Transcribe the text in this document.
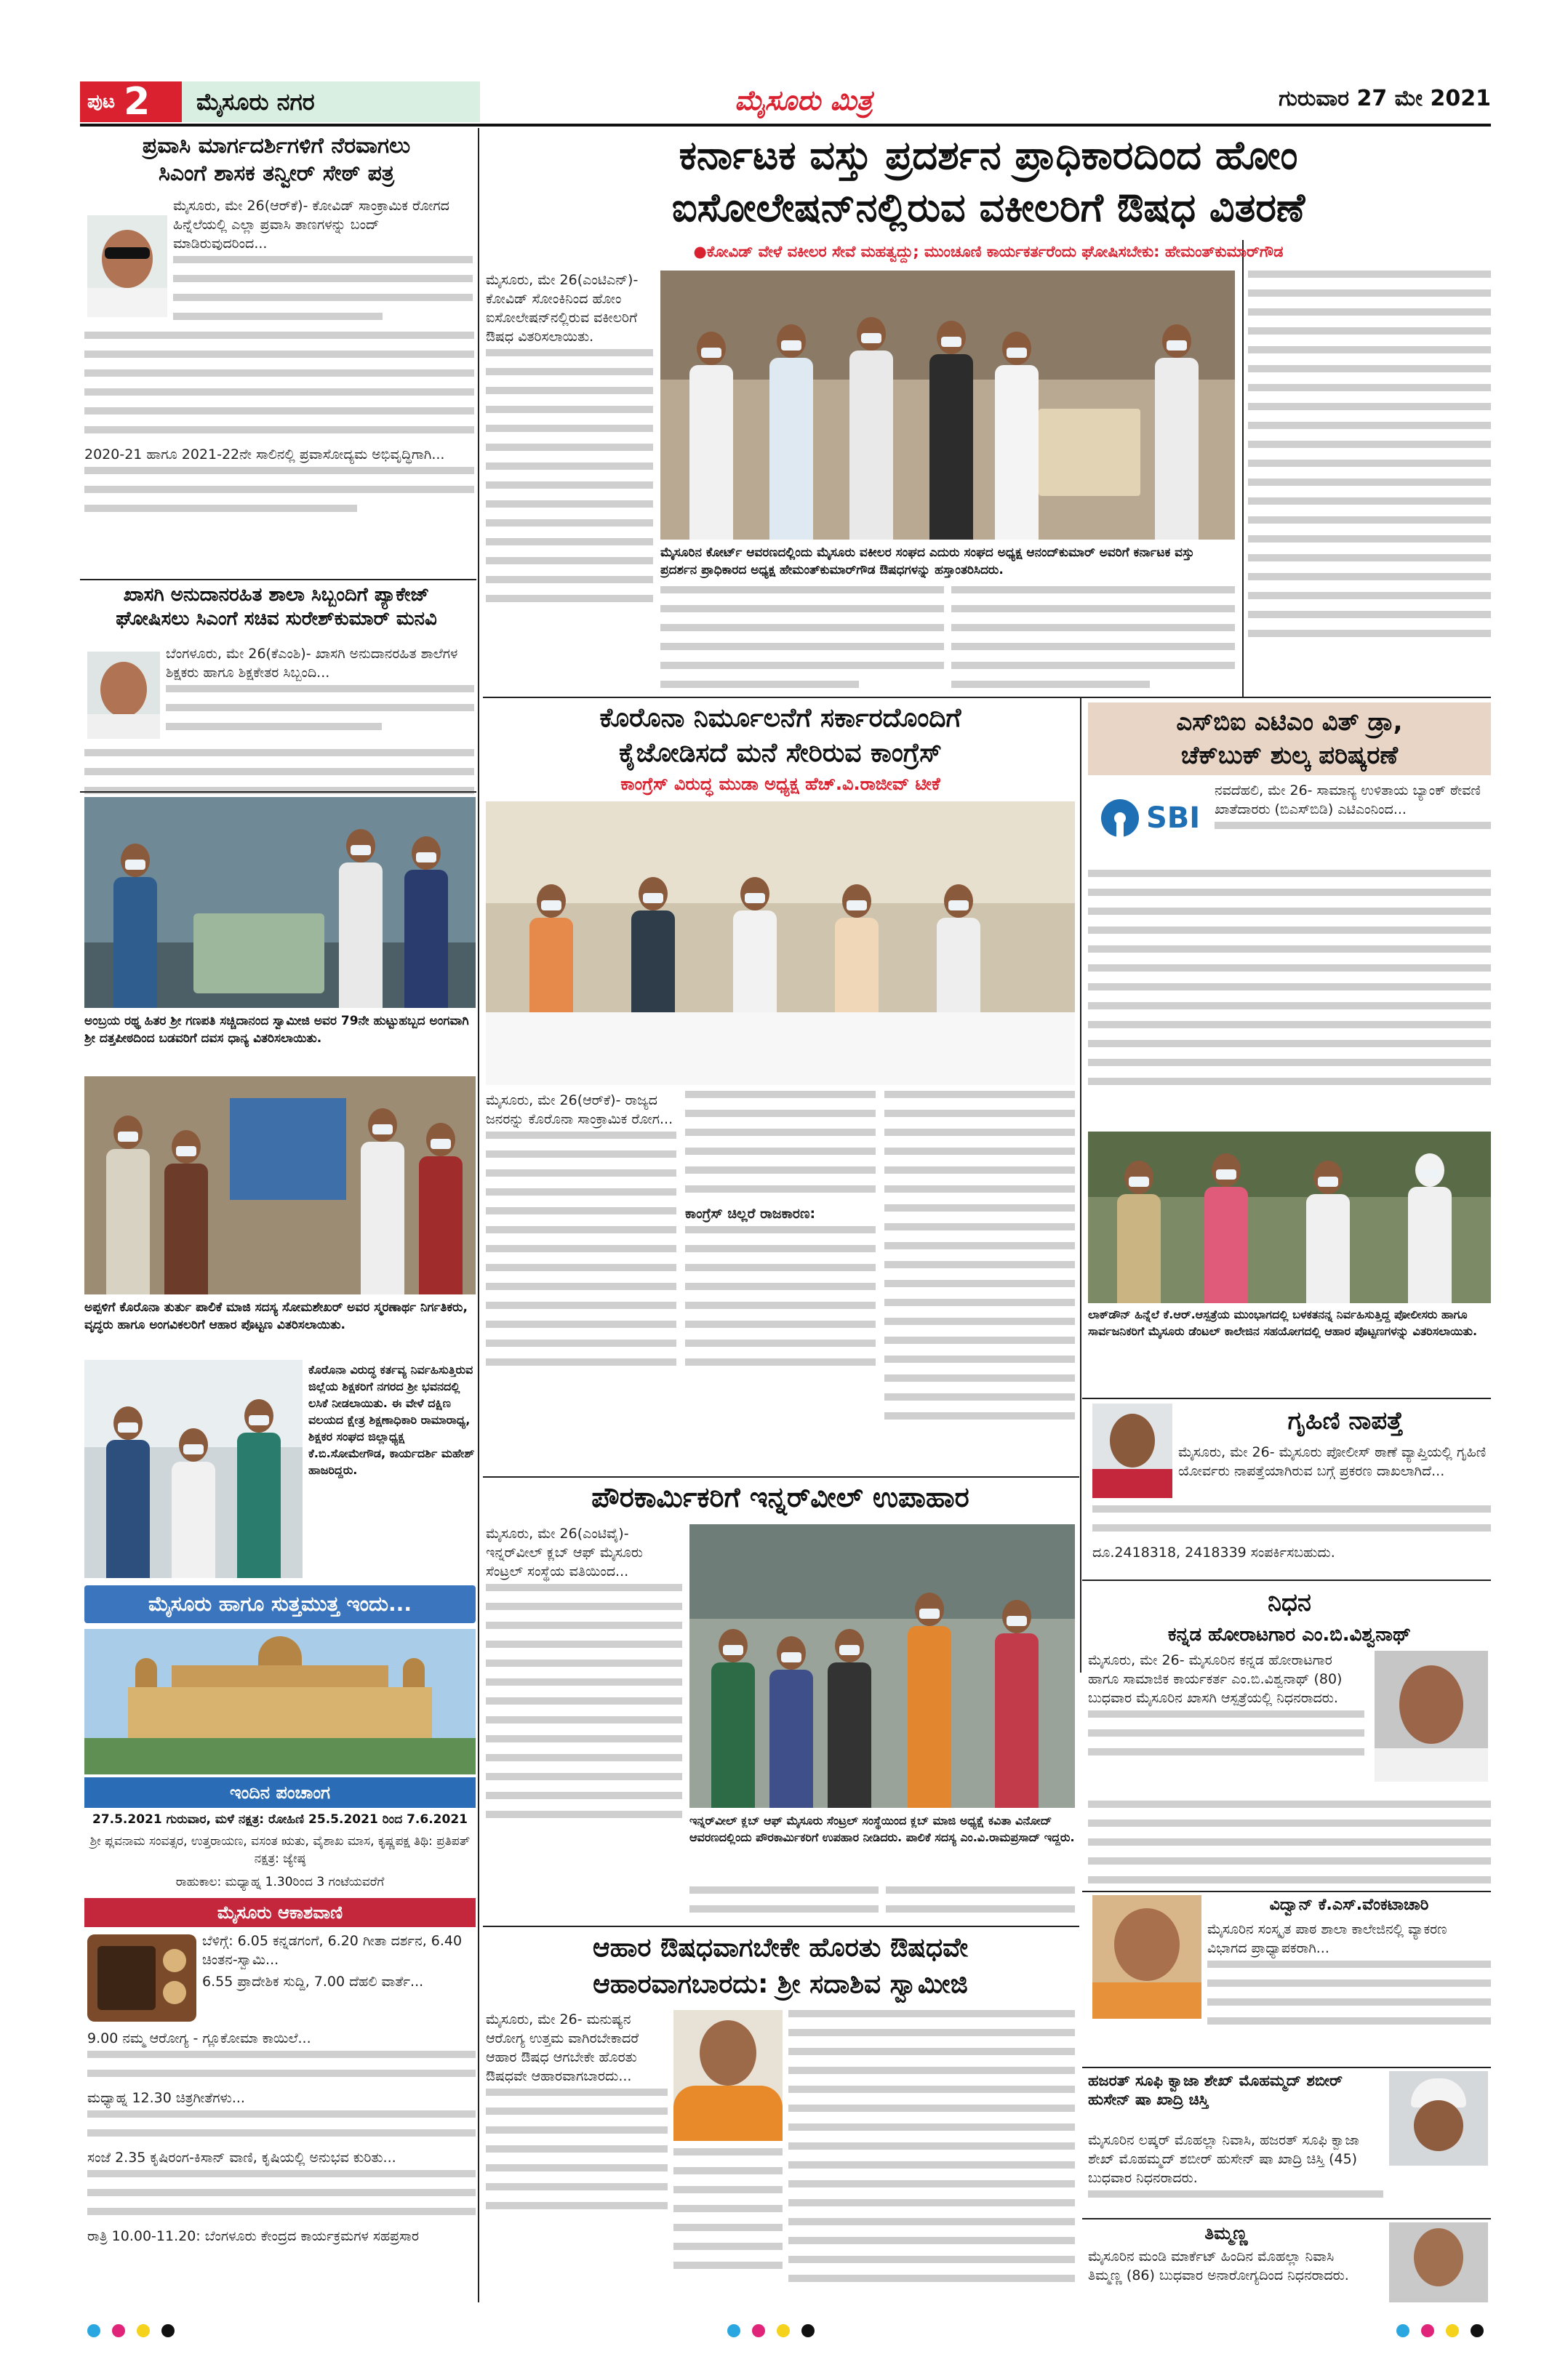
ಪುಟ 2	ಮೈಸೂರು ನಗರ	ಮೈಸೂರು ಮಿತ್ರ	ಗುರುವಾರ 27 ಮೇ 2021
ಪ್ರವಾಸಿ ಮಾರ್ಗದರ್ಶಿಗಳಿಗೆ ನೆರವಾಗಲು
ಸಿಎಂಗೆ ಶಾಸಕ ತನ್ವೀರ್ ಸೇಠ್ ಪತ್ರ
ಮೈಸೂರು, ಮೇ 26(ಆರ್‌ಕೆ)- ಕೋವಿಡ್ ಸಾಂಕ್ರಾಮಿಕ ರೋಗದ ಹಿನ್ನೆಲೆಯಲ್ಲಿ ಎಲ್ಲಾ ಪ್ರವಾಸಿ ತಾಣಗಳನ್ನು ಬಂದ್ ಮಾಡಿರುವುದರಿಂದ...
2020-21 ಹಾಗೂ 2021-22ನೇ ಸಾಲಿನಲ್ಲಿ ಪ್ರವಾಸೋದ್ಯಮ ಅಭಿವೃದ್ಧಿಗಾಗಿ...
ಖಾಸಗಿ ಅನುದಾನರಹಿತ ಶಾಲಾ ಸಿಬ್ಬಂದಿಗೆ ಪ್ಯಾಕೇಜ್
ಘೋಷಿಸಲು ಸಿಎಂಗೆ ಸಚಿವ ಸುರೇಶ್‌ಕುಮಾರ್ ಮನವಿ
ಬೆಂಗಳೂರು, ಮೇ 26(ಕೆಎಂಶಿ)- ಖಾಸಗಿ ಅನುದಾನರಹಿತ ಶಾಲೆಗಳ ಶಿಕ್ಷಕರು ಹಾಗೂ ಶಿಕ್ಷಕೇತರ ಸಿಬ್ಬಂದಿ...
ಅಂಬ್ರಯ ರಥ್ಥ ಹಿತರ ಶ್ರೀ ಗಣಪತಿ ಸಚ್ಚಿದಾನಂದ ಸ್ವಾಮೀಜಿ ಅವರ 79ನೇ ಹುಟ್ಟುಹಬ್ಬದ ಅಂಗವಾಗಿ ಶ್ರೀ ದತ್ತಪೀಠದಿಂದ ಬಡವರಿಗೆ ದವಸ ಧಾನ್ಯ ವಿತರಿಸಲಾಯಿತು.
ಅಪ್ಪಳಿಗೆ ಕೊರೊನಾ ತುರ್ತು ಪಾಲಿಕೆ ಮಾಜಿ ಸದಸ್ಯ ಸೋಮಶೇಖರ್ ಅವರ ಸ್ಮರಣಾರ್ಥ ನಿರ್ಗತಿಕರು, ವೃದ್ಧರು ಹಾಗೂ ಅಂಗವಿಕಲರಿಗೆ ಆಹಾರ ಪೊಟ್ಟಣ ವಿತರಿಸಲಾಯಿತು.
ಕೊರೊನಾ ವಿರುದ್ಧ ಕರ್ತವ್ಯ ನಿರ್ವಹಿಸುತ್ತಿರುವ ಜಿಲ್ಲೆಯ ಶಿಕ್ಷಕರಿಗೆ ನಗರದ ಶ್ರೀ ಭವನದಲ್ಲಿ ಲಸಿಕೆ ನೀಡಲಾಯಿತು. ಈ ವೇಳೆ ದಕ್ಷಿಣ ವಲಯದ ಕ್ಷೇತ್ರ ಶಿಕ್ಷಣಾಧಿಕಾರಿ ರಾಮಾರಾಧ್ಯ, ಶಿಕ್ಷಕರ ಸಂಘದ ಜಿಲ್ಲಾಧ್ಯಕ್ಷ ಕೆ.ಬಿ.ಸೋಮೇಗೌಡ, ಕಾರ್ಯದರ್ಶಿ ಮಹೇಶ್ ಹಾಜರಿದ್ದರು.
ಮೈಸೂರು ಹಾಗೂ ಸುತ್ತಮುತ್ತ ಇಂದು...
ಇಂದಿನ ಪಂಚಾಂಗ
27.5.2021 ಗುರುವಾರ, ಮಳೆ ನಕ್ಷತ್ರ: ರೋಹಿಣಿ 25.5.2021 ರಿಂದ 7.6.2021
ಶ್ರೀ ಪ್ಲವನಾಮ ಸಂವತ್ಸರ, ಉತ್ತರಾಯಣ, ವಸಂತ ಋತು, ವೈಶಾಖ ಮಾಸ, ಕೃಷ್ಣಪಕ್ಷ ತಿಥಿ: ಪ್ರತಿಪತ್ ನಕ್ಷತ್ರ: ಜ್ಯೇಷ್ಠ
ರಾಹುಕಾಲ: ಮಧ್ಯಾಹ್ನ 1.30ರಿಂದ 3 ಗಂಟೆಯವರೆಗೆ
ಮೈಸೂರು ಆಕಾಶವಾಣಿ
ಬೆಳಿಗ್ಗೆ: 6.05 ಕನ್ನಡಗಂಗೆ, 6.20 ಗೀತಾ ದರ್ಶನ, 6.40 ಚಿಂತನ-ಸ್ವಾಮಿ...
6.55 ಪ್ರಾದೇಶಿಕ ಸುದ್ದಿ, 7.00 ದೆಹಲಿ ವಾರ್ತೆ...
9.00 ನಮ್ಮ ಆರೋಗ್ಯ - ಗ್ಲೂಕೋಮಾ ಕಾಯಿಲೆ...
ಮಧ್ಯಾಹ್ನ 12.30 ಚಿತ್ರಗೀತೆಗಳು...
ಸಂಜೆ 2.35 ಕೃಷಿರಂಗ-ಕಿಸಾನ್ ವಾಣಿ, ಕೃಷಿಯಲ್ಲಿ ಅನುಭವ ಕುರಿತು...
ರಾತ್ರಿ 10.00-11.20: ಬೆಂಗಳೂರು ಕೇಂದ್ರದ ಕಾರ್ಯಕ್ರಮಗಳ ಸಹಪ್ರಸಾರ
ಕರ್ನಾಟಕ ವಸ್ತು ಪ್ರದರ್ಶನ ಪ್ರಾಧಿಕಾರದಿಂದ ಹೋಂ
ಐಸೋಲೇಷನ್‌ನಲ್ಲಿರುವ ವಕೀಲರಿಗೆ ಔಷಧ ವಿತರಣೆ
●ಕೋವಿಡ್ ವೇಳೆ ವಕೀಲರ ಸೇವೆ ಮಹತ್ವದ್ದು; ಮುಂಚೂಣಿ ಕಾರ್ಯಕರ್ತರೆಂದು ಘೋಷಿಸಬೇಕು: ಹೇಮಂತ್‌ಕುಮಾರ್‌ಗೌಡ
ಮೈಸೂರು, ಮೇ 26(ಎಂಟಿಎನ್)- ಕೋವಿಡ್ ಸೋಂಕಿನಿಂದ ಹೋಂ ಐಸೋಲೇಷನ್‌ನಲ್ಲಿರುವ ವಕೀಲರಿಗೆ ಔಷಧ ವಿತರಿಸಲಾಯಿತು.
ಮೈಸೂರಿನ ಕೋರ್ಟ್ ಆವರಣದಲ್ಲಿಂದು ಮೈಸೂರು ವಕೀಲರ ಸಂಘದ ಎದುರು ಸಂಘದ ಅಧ್ಯಕ್ಷ ಆನಂದ್‌ಕುಮಾರ್ ಅವರಿಗೆ ಕರ್ನಾಟಕ ವಸ್ತು ಪ್ರದರ್ಶನ ಪ್ರಾಧಿಕಾರದ ಅಧ್ಯಕ್ಷ ಹೇಮಂತ್‌ಕುಮಾರ್‌ಗೌಡ ಔಷಧಗಳನ್ನು ಹಸ್ತಾಂತರಿಸಿದರು.
ಕೊರೊನಾ ನಿರ್ಮೂಲನೆಗೆ ಸರ್ಕಾರದೊಂದಿಗೆ
ಕೈಜೋಡಿಸದೆ ಮನೆ ಸೇರಿರುವ ಕಾಂಗ್ರೆಸ್
ಕಾಂಗ್ರೆಸ್ ವಿರುದ್ಧ ಮುಡಾ ಅಧ್ಯಕ್ಷ ಹೆಚ್.ವಿ.ರಾಜೀವ್ ಟೀಕೆ
ಮೈಸೂರು, ಮೇ 26(ಆರ್‌ಕೆ)- ರಾಜ್ಯದ ಜನರನ್ನು ಕೊರೊನಾ ಸಾಂಕ್ರಾಮಿಕ ರೋಗ...
ಕಾಂಗ್ರೆಸ್ ಚಿಲ್ಲರೆ ರಾಜಕಾರಣ:
ಎಸ್‌ಬಿಐ ಎಟಿಎಂ ವಿತ್ ಡ್ರಾ,
ಚೆಕ್‌ಬುಕ್ ಶುಲ್ಕ ಪರಿಷ್ಕರಣೆ
SBI
ನವದೆಹಲಿ, ಮೇ 26- ಸಾಮಾನ್ಯ ಉಳಿತಾಯ ಬ್ಯಾಂಕ್ ಠೇವಣಿ ಖಾತೆದಾರರು (ಬಿಎಸ್‌ಬಿಡಿ) ಎಟಿಎಂನಿಂದ...
ಲಾಕ್‌ಡೌನ್ ಹಿನ್ನೆಲೆ ಕೆ.ಆರ್.ಆಸ್ಪತ್ರೆಯ ಮುಂಭಾಗದಲ್ಲಿ ಬಳಕತನನ್ನ ನಿರ್ವಹಿಸುತ್ತಿದ್ದ ಪೋಲೀಸರು ಹಾಗೂ ಸಾರ್ವಜನಿಕರಿಗೆ ಮೈಸೂರು ಡೆಂಟಲ್ ಕಾಲೇಜಿನ ಸಹಯೋಗದಲ್ಲಿ ಆಹಾರ ಪೊಟ್ಟಣಗಳನ್ನು ವಿತರಿಸಲಾಯಿತು.
ಗೃಹಿಣಿ ನಾಪತ್ತೆ
ಮೈಸೂರು, ಮೇ 26- ಮೈಸೂರು ಪೋಲೀಸ್ ಠಾಣೆ ವ್ಯಾಪ್ತಿಯಲ್ಲಿ ಗೃಹಿಣಿ ಯೋರ್ವರು ನಾಪತ್ತೆಯಾಗಿರುವ ಬಗ್ಗೆ ಪ್ರಕರಣ ದಾಖಲಾಗಿದೆ...
ದೂ.2418318, 2418339 ಸಂಪರ್ಕಿಸಬಹುದು.
ನಿಧನ
ಕನ್ನಡ ಹೋರಾಟಗಾರ ಎಂ.ಬಿ.ವಿಶ್ವನಾಥ್
ಮೈಸೂರು, ಮೇ 26- ಮೈಸೂರಿನ ಕನ್ನಡ ಹೋರಾಟಗಾರ ಹಾಗೂ ಸಾಮಾಜಿಕ ಕಾರ್ಯಕರ್ತ ಎಂ.ಬಿ.ವಿಶ್ವನಾಥ್ (80) ಬುಧವಾರ ಮೈಸೂರಿನ ಖಾಸಗಿ ಆಸ್ಪತ್ರೆಯಲ್ಲಿ ನಿಧನರಾದರು.
ವಿದ್ವಾನ್ ಕೆ.ಎಸ್.ವೆಂಕಟಾಚಾರಿ
ಮೈಸೂರಿನ ಸಂಸ್ಕೃತ ಪಾಠ ಶಾಲಾ ಕಾಲೇಜಿನಲ್ಲಿ ವ್ಯಾಕರಣ ವಿಭಾಗದ ಪ್ರಾಧ್ಯಾಪಕರಾಗಿ...
ಹಜರತ್ ಸೂಫಿ ಕ್ವಾಜಾ ಶೇಖ್ ಮೊಹಮ್ಮದ್ ಶಬೀರ್ ಹುಸೇನ್ ಷಾ ಖಾದ್ರಿ ಚಿಸ್ತಿ
ಮೈಸೂರಿನ ಲಷ್ಕರ್ ಮೊಹಲ್ಲಾ ನಿವಾಸಿ, ಹಜರತ್ ಸೂಫಿ ಕ್ವಾಜಾ ಶೇಖ್ ಮೊಹಮ್ಮದ್ ಶಬೀರ್ ಹುಸೇನ್ ಷಾ ಖಾದ್ರಿ ಚಿಸ್ತಿ (45) ಬುಧವಾರ ನಿಧನರಾದರು.
ತಿಮ್ಮಣ್ಣ
ಮೈಸೂರಿನ ಮಂಡಿ ಮಾರ್ಕೆಟ್ ಹಿಂದಿನ ಮೊಹಲ್ಲಾ ನಿವಾಸಿ ತಿಮ್ಮಣ್ಣ (86) ಬುಧವಾರ ಅನಾರೋಗ್ಯದಿಂದ ನಿಧನರಾದರು.
ಪೌರಕಾರ್ಮಿಕರಿಗೆ ಇನ್ನರ್‌ವೀಲ್ ಉಪಾಹಾರ
ಮೈಸೂರು, ಮೇ 26(ಎಂಟಿವೈ)- ಇನ್ನರ್‌ವೀಲ್ ಕ್ಲಬ್ ಆಫ್ ಮೈಸೂರು ಸೆಂಟ್ರಲ್ ಸಂಸ್ಥೆಯ ವತಿಯಿಂದ...
ಇನ್ನರ್‌ವೀಲ್ ಕ್ಲಬ್ ಆಫ್ ಮೈಸೂರು ಸೆಂಟ್ರಲ್ ಸಂಸ್ಥೆಯಿಂದ ಕ್ಲಬ್ ಮಾಜಿ ಅಧ್ಯಕ್ಷೆ ಕವಿತಾ ವಿನೋದ್ ಆವರಣದಲ್ಲಿಂದು ಪೌರಕಾರ್ಮಿಕರಿಗೆ ಉಪಹಾರ ನೀಡಿದರು. ಪಾಲಿಕೆ ಸದಸ್ಯ ಎಂ.ವಿ.ರಾಮಪ್ರಸಾದ್ ಇದ್ದರು.
ಆಹಾರ ಔಷಧವಾಗಬೇಕೇ ಹೊರತು ಔಷಧವೇ
ಆಹಾರವಾಗಬಾರದು: ಶ್ರೀ ಸದಾಶಿವ ಸ್ವಾಮೀಜಿ
ಮೈಸೂರು, ಮೇ 26- ಮನುಷ್ಯನ ಆರೋಗ್ಯ ಉತ್ತಮ ವಾಗಿರಬೇಕಾದರೆ ಆಹಾರ ಔಷಧ ಆಗಬೇಕೇ ಹೊರತು ಔಷಧವೇ ಆಹಾರವಾಗಬಾರದು...
